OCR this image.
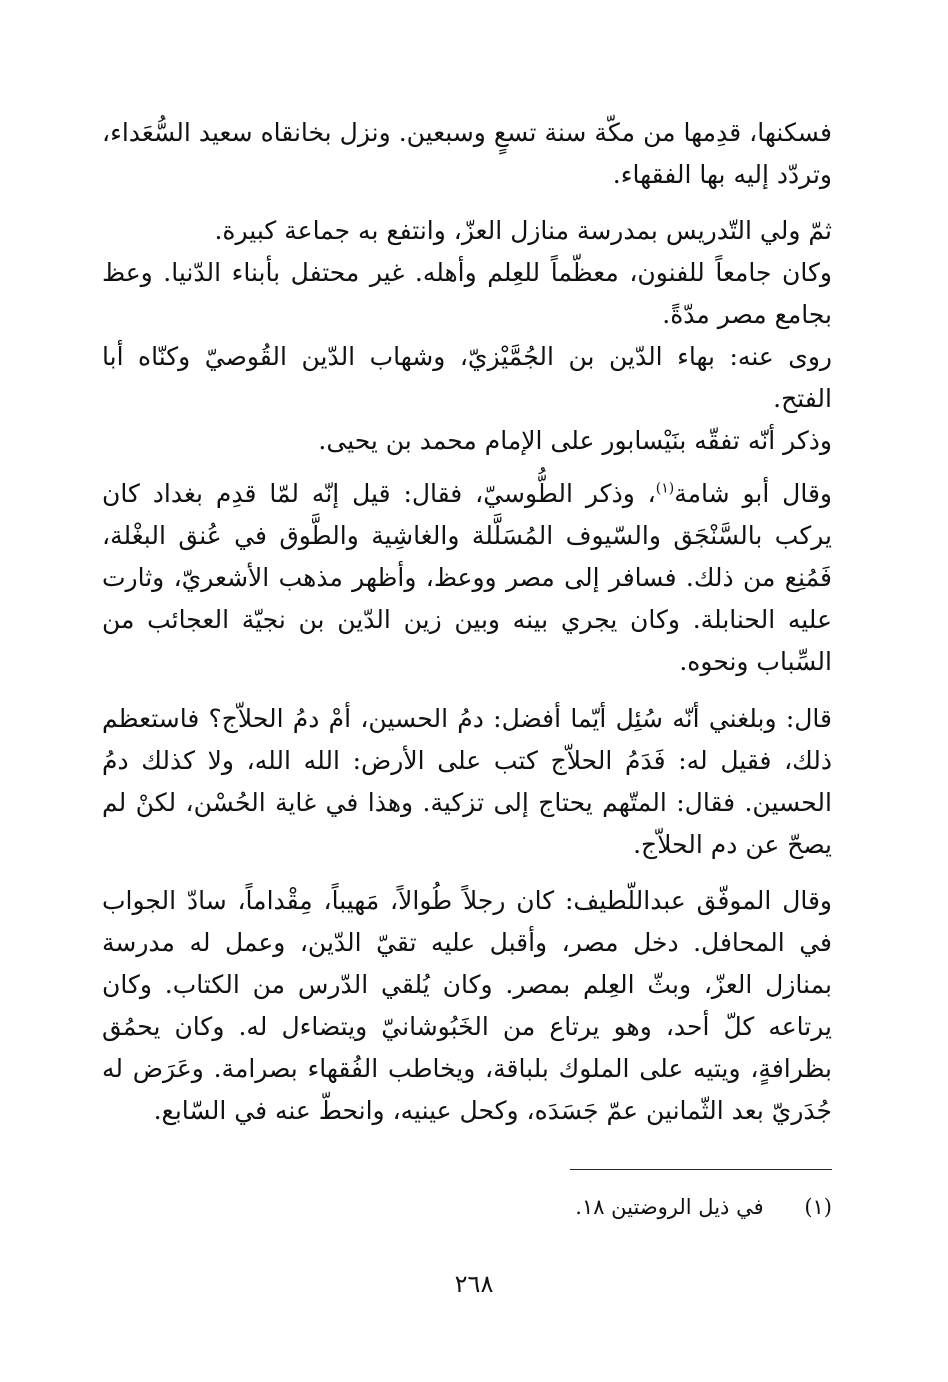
فسكنها، قدِمها من مكّة سنة تسعٍ وسبعين. ونزل بخانقاه سعيد السُّعَداء، وتردّد إليه بها الفقهاء.

ثمّ ولي التّدريس بمدرسة منازل العزّ، وانتفع به جماعة كبيرة.

وكان جامعاً للفنون، معظّماً للعِلم وأهله. غير محتفل بأبناء الدّنيا. وعظ بجامع مصر مدّةً.

روى عنه: بهاء الدّين بن الجُمَّيْزيّ، وشهاب الدّين القُوصيّ وكنّاه أبا الفتح.

وذكر أنّه تفقّه بنَيْسابور على الإمام محمد بن يحيى.

وقال أبو شامة$^{(١)}$، وذكر الطُّوسيّ، فقال: قيل إنّه لمّا قدِم بغداد كان يركب بالسَّنْجَق والسّيوف المُسَلَّلة والغاشِية والطَّوق في عُنق البغْلة، فَمُنِع من ذلك. فسافر إلى مصر ووعظ، وأظهر مذهب الأشعريّ، وثارت عليه الحنابلة. وكان يجري بينه وبين زين الدّين بن نجيّة العجائب من السِّباب ونحوه.

قال: وبلغني أنّه سُئِل أيّما أفضل: دمُ الحسين، أمْ دمُ الحلاّج؟ فاستعظم ذلك، فقيل له: فَدَمُ الحلاّج كتب على الأرض: الله الله، ولا كذلك دمُ الحسين. فقال: المتّهم يحتاج إلى تزكية. وهذا في غاية الحُسْن، لكنْ لم يصحّ عن دم الحلاّج.

وقال الموفّق عبداللّطيف: كان رجلاً طُوالاً، مَهيباً، مِقْداماً، سادّ الجواب في المحافل. دخل مصر، وأقبل عليه تقيّ الدّين، وعمل له مدرسة بمنازل العزّ، وبثّ العِلم بمصر. وكان يُلقي الدّرس من الكتاب. وكان يرتاعه كلّ أحد، وهو يرتاع من الخَبُوشانيّ ويتضاءل له. وكان يحمُق بظرافةٍ، ويتيه على الملوك بلباقة، ويخاطب الفُقهاء بصرامة. وعَرَض له جُدَريّ بعد الثّمانين عمّ جَسَدَه، وكحل عينيه، وانحطّ عنه في السّابع.

(١) في ذيل الروضتين ١٨.
٢٦٨
